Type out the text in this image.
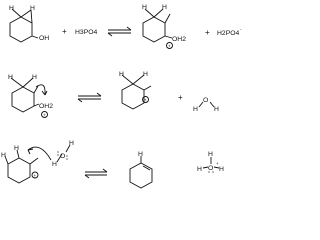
OH
H H
+ H3PO4
H H
OH2
+
+ H2PO4
-
H	H
OH2
+
H	H
+	+	O
H H
H
H
+
O
H
H
H	H
O
+
H	H
